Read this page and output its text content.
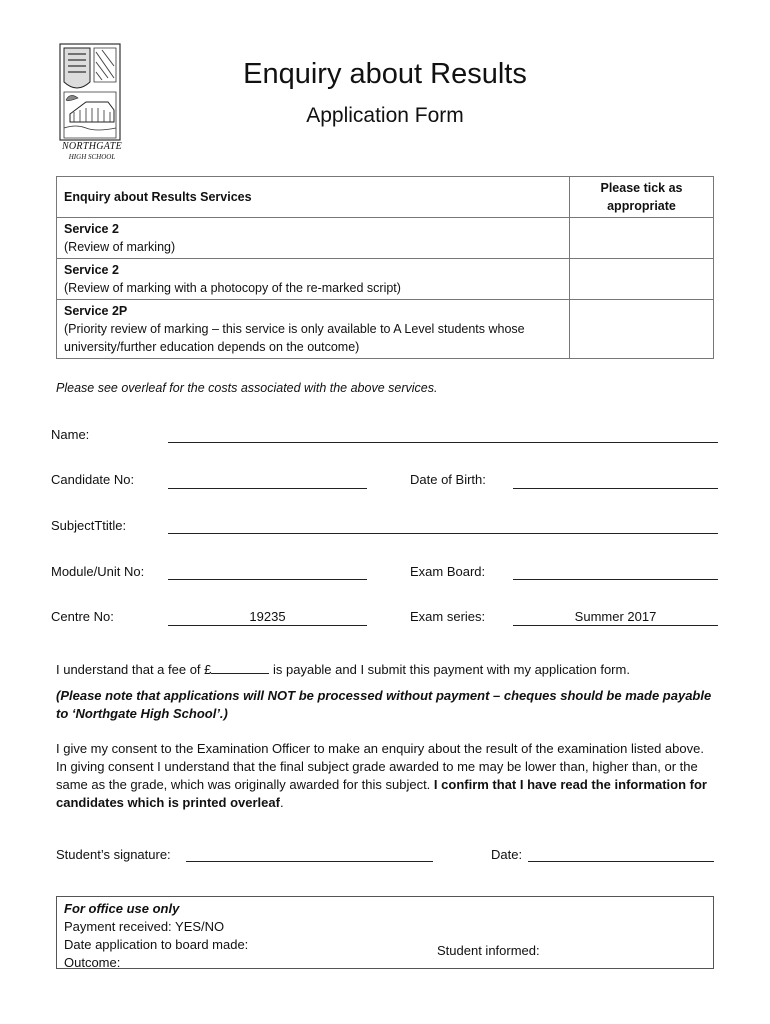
NORTHGATE
HIGH SCHOOL
Enquiry about Results
Application Form
Enquiry about Results Services	Please tick as appropriate

Service 2
(Review of marking)	

Service 2
(Review of marking with a photocopy of the re-marked script)	

Service 2P
(Priority review of marking – this service is only available to A Level students whose university/further education depends on the outcome)	

Please see overleaf for the costs associated with the above services.
Name:
Candidate No:	Date of Birth:
SubjectTtitle:
Module/Unit No:	Exam Board:
Centre No:	19235	Exam series:	Summer 2017
I understand that a fee of £	is payable and I submit this payment with my application form.
(Please note that applications will NOT be processed without payment – cheques should be made payable to ‘Northgate High School’.)
I give my consent to the Examination Officer to make an enquiry about the result of the examination listed above. In giving consent I understand that the final subject grade awarded to me may be lower than, higher than, or the same as the grade, which was originally awarded for this subject. I confirm that I have read the information for candidates which is printed overleaf.
Student’s signature:	Date:
For office use only
Payment received: YES/NO
Date application to board made:
Outcome:
Student informed:
